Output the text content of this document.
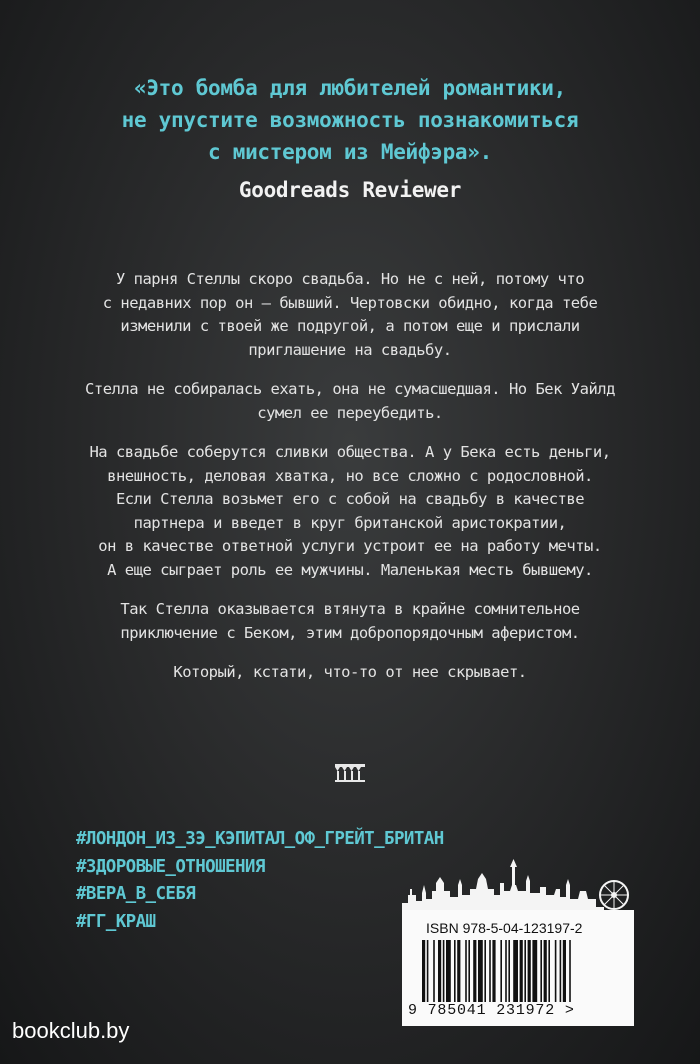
«Это бомба для любителей романтики,
не упустите возможность познакомиться
с мистером из Мейфэра».
Goodreads Reviewer

У парня Стеллы скоро свадьба. Но не с ней, потому что
с недавних пор он – бывший. Чертовски обидно, когда тебе
изменили с твоей же подругой, а потом еще и прислали
приглашение на свадьбу.

Стелла не собиралась ехать, она не сумасшедшая. Но Бек Уайлд
сумел ее переубедить.

На свадьбе соберутся сливки общества. А у Бека есть деньги,
внешность, деловая хватка, но все сложно с родословной.
Если Стелла возьмет его с собой на свадьбу в качестве
партнера и введет в круг британской аристократии,
он в качестве ответной услуги устроит ее на работу мечты.
А еще сыграет роль ее мужчины. Маленькая месть бывшему.

Так Стелла оказывается втянута в крайне сомнительное
приключение с Беком, этим добропорядочным аферистом.

Который, кстати, что-то от нее скрывает.

#ЛОНДОН_ИЗ_ЗЭ_КЭПИТАЛ_ОФ_ГРЕЙТ_БРИТАН
#ЗДОРОВЫЕ_ОТНОШЕНИЯ
#ВЕРА_В_СЕБЯ
#ГГ_КРАШ	ISBN 978-5-04-123197-2
9 785041 231972 >
bookclub.by
